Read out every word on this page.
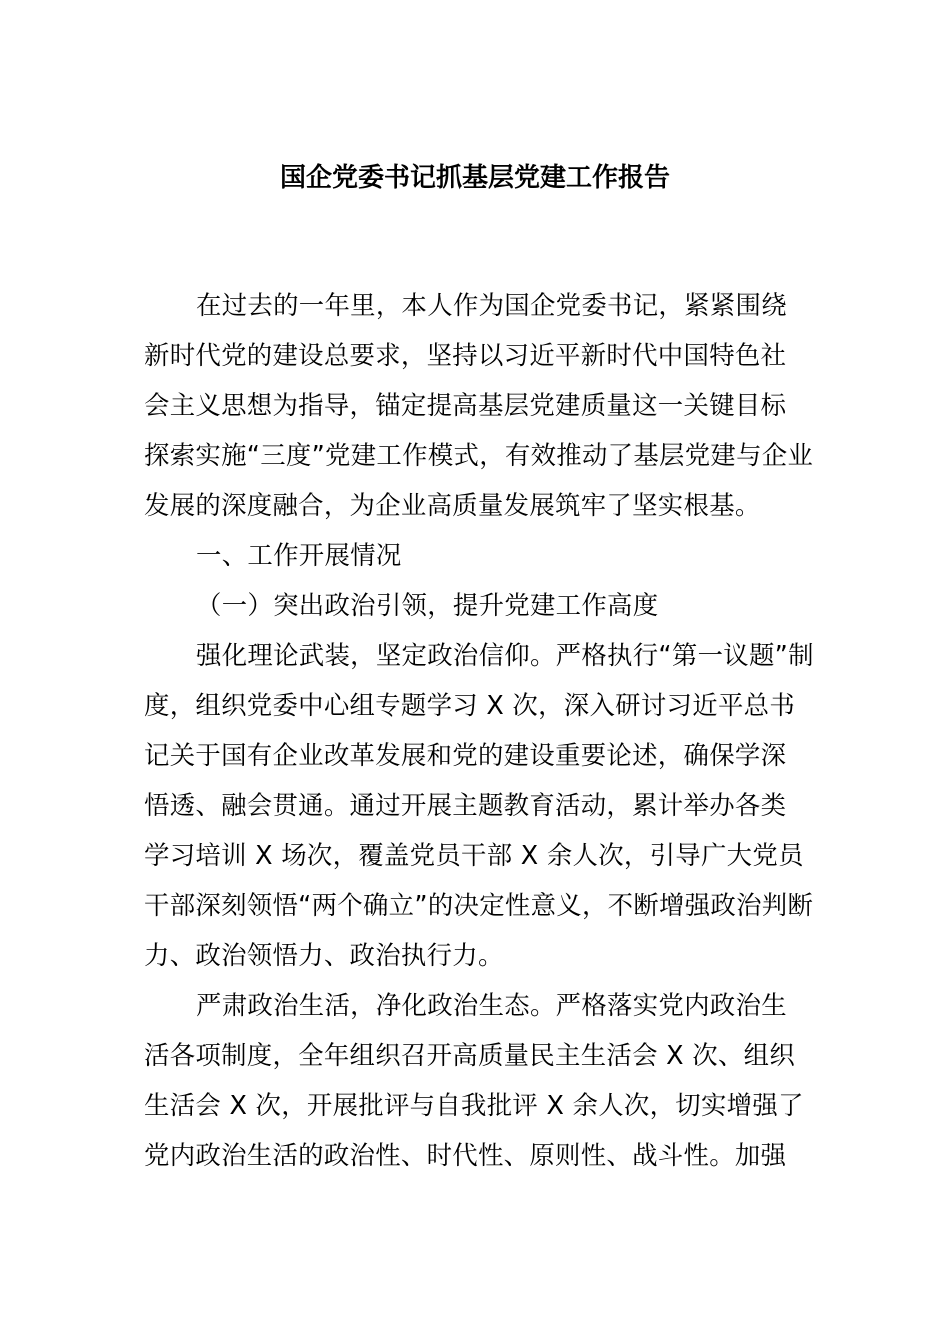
国企党委书记抓基层党建工作报告
在过去的一年里，本人作为国企党委书记，紧紧围绕
新时代党的建设总要求，坚持以习近平新时代中国特色社
会主义思想为指导，锚定提高基层党建质量这一关键目标
探索实施“三度”党建工作模式，有效推动了基层党建与企业
发展的深度融合，为企业高质量发展筑牢了坚实根基。
一、工作开展情况
（一）突出政治引领，提升党建工作高度
强化理论武装，坚定政治信仰。严格执行“第一议题”制
度，组织党委中心组专题学习 X 次，深入研讨习近平总书
记关于国有企业改革发展和党的建设重要论述，确保学深
悟透、融会贯通。通过开展主题教育活动，累计举办各类
学习培训 X 场次，覆盖党员干部 X 余人次，引导广大党员
干部深刻领悟“两个确立”的决定性意义，不断增强政治判断
力、政治领悟力、政治执行力。
严肃政治生活，净化政治生态。严格落实党内政治生
活各项制度，全年组织召开高质量民主生活会 X 次、组织
生活会 X 次，开展批评与自我批评 X 余人次，切实增强了
党内政治生活的政治性、时代性、原则性、战斗性。加强
